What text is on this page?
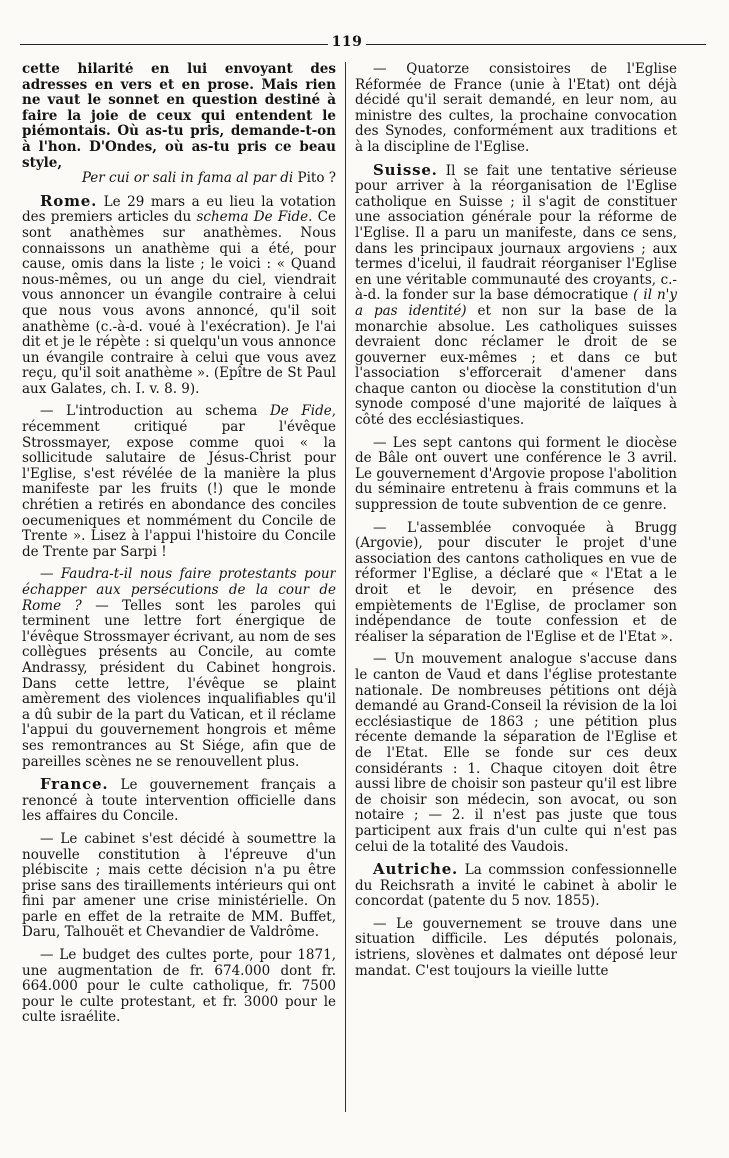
119

cette hilarité en lui envoyant des adresses en vers et en prose. Mais rien ne vaut le sonnet en question destiné à faire la joie de ceux qui entendent le piémontais. Où as-tu pris, demande-t-on à l'hon. D'Ondes, où as-tu pris ce beau style,

Per cui or sali in fama al par di Pito ?

Rome. Le 29 mars a eu lieu la votation des premiers articles du schema De Fide. Ce sont anathèmes sur anathèmes. Nous connaissons un anathème qui a été, pour cause, omis dans la liste ; le voici : « Quand nous-mêmes, ou un ange du ciel, viendrait vous annoncer un évangile contraire à celui que nous vous avons annoncé, qu'il soit anathème (c.-à-d. voué à l'exécration). Je l'ai dit et je le répète : si quelqu'un vous annonce un évangile contraire à celui que vous avez reçu, qu'il soit anathème ». (Epître de St Paul aux Galates, ch. I. v. 8. 9).

— L'introduction au schema De Fide, récemment critiqué par l'évêque Strossmayer, expose comme quoi « la sollicitude salutaire de Jésus-Christ pour l'Eglise, s'est révélée de la manière la plus manifeste par les fruits (!) que le monde chrétien a retirés en abondance des conciles oecumeniques et nommément du Concile de Trente ». Lisez à l'appui l'histoire du Concile de Trente par Sarpi !

— Faudra-t-il nous faire protestants pour échapper aux persécutions de la cour de Rome ? — Telles sont les paroles qui terminent une lettre fort énergique de l'évêque Strossmayer écrivant, au nom de ses collègues présents au Concile, au comte Andrassy, président du Cabinet hongrois. Dans cette lettre, l'évêque se plaint amèrement des violences inqualifiables qu'il a dû subir de la part du Vatican, et il réclame l'appui du gouvernement hongrois et même ses remontrances au St Siége, afin que de pareilles scènes ne se renouvellent plus.

France. Le gouvernement français a renoncé à toute intervention officielle dans les affaires du Concile.

— Le cabinet s'est décidé à soumettre la nouvelle constitution à l'épreuve d'un plébiscite ; mais cette décision n'a pu être prise sans des tiraillements intérieurs qui ont fini par amener une crise ministérielle. On parle en effet de la retraite de MM. Buffet, Daru, Talhouët et Chevandier de Valdrôme.

— Le budget des cultes porte, pour 1871, une augmentation de fr. 674.000 dont fr. 664.000 pour le culte catholique, fr. 7500 pour le culte protestant, et fr. 3000 pour le culte israélite.

— Quatorze consistoires de l'Eglise Réformée de France (unie à l'Etat) ont déjà décidé qu'il serait demandé, en leur nom, au ministre des cultes, la prochaine convocation des Synodes, conformément aux traditions et à la discipline de l'Eglise.

Suisse. Il se fait une tentative sérieuse pour arriver à la réorganisation de l'Eglise catholique en Suisse ; il s'agit de constituer une association générale pour la réforme de l'Eglise. Il a paru un manifeste, dans ce sens, dans les principaux journaux argoviens ; aux termes d'icelui, il faudrait réorganiser l'Eglise en une véritable communauté des croyants, c.-à-d. la fonder sur la base démocratique ( il n'y a pas identité) et non sur la base de la monarchie absolue. Les catholiques suisses devraient donc réclamer le droit de se gouverner eux-mêmes ; et dans ce but l'association s'efforcerait d'amener dans chaque canton ou diocèse la constitution d'un synode composé d'une majorité de laïques à côté des ecclésiastiques.

— Les sept cantons qui forment le diocèse de Bâle ont ouvert une conférence le 3 avril. Le gouvernement d'Argovie propose l'abolition du séminaire entretenu à frais communs et la suppression de toute subvention de ce genre.

— L'assemblée convoquée à Brugg (Argovie), pour discuter le projet d'une association des cantons catholiques en vue de réformer l'Eglise, a déclaré que « l'Etat a le droit et le devoir, en présence des empiètements de l'Eglise, de proclamer son indépendance de toute confession et de réaliser la séparation de l'Eglise et de l'Etat ».

— Un mouvement analogue s'accuse dans le canton de Vaud et dans l'église protestante nationale. De nombreuses pétitions ont déjà demandé au Grand-Conseil la révision de la loi ecclésiastique de 1863 ; une pétition plus récente demande la séparation de l'Eglise et de l'Etat. Elle se fonde sur ces deux considérants : 1. Chaque citoyen doit être aussi libre de choisir son pasteur qu'il est libre de choisir son médecin, son avocat, ou son notaire ; — 2. il n'est pas juste que tous participent aux frais d'un culte qui n'est pas celui de la totalité des Vaudois.

Autriche. La commssion confessionnelle du Reichsrath a invité le cabinet à abolir le concordat (patente du 5 nov. 1855).

— Le gouvernement se trouve dans une situation difficile. Les députés polonais, istriens, slovènes et dalmates ont déposé leur mandat. C'est toujours la vieille lutte
